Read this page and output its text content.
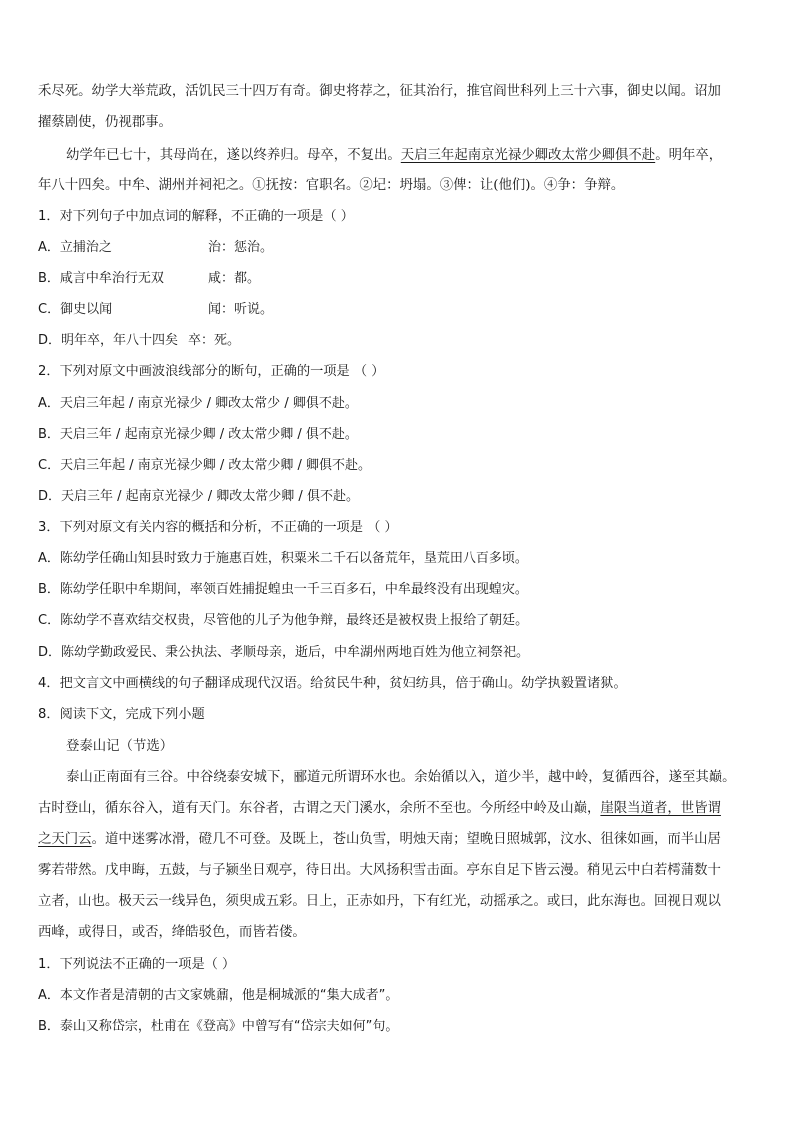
禾尽死。幼学大举荒政，活饥民三十四万有奇。御史将荐之，征其治行，推官阎世科列上三十六事，御史以闻。诏加
擢蔡剧使，仍视郡事。
幼学年已七十，其母尚在，遂以终养归。母卒，不复出。天启三年起南京光禄少卿改太常少卿俱不赴。明年卒，
年八十四矣。中牟、湖州并祠祀之。①抚按：官职名。②圮：坍塌。③俾：让(他们)。④争：争辩。
1．对下列句子中加点词的解释，不正确的一项是（ ）
A．立捕治之	治：惩治。
B．咸言中牟治行无双	咸：都。
C．御史以闻	闻：听说。
D．明年卒，年八十四矣 卒：死。
2．下列对原文中画波浪线部分的断句，正确的一项是 （ ）
A．天启三年起 / 南京光禄少 / 卿改太常少 / 卿俱不赴。
B．天启三年 / 起南京光禄少卿 / 改太常少卿 / 俱不赴。
C．天启三年起 / 南京光禄少卿 / 改太常少卿 / 卿俱不赴。
D．天启三年 / 起南京光禄少 / 卿改太常少卿 / 俱不赴。
3．下列对原文有关内容的概括和分析，不正确的一项是 （ ）
A．陈幼学任确山知县时致力于施惠百姓，积粟米二千石以备荒年，垦荒田八百多顷。
B．陈幼学任职中牟期间，率领百姓捕捉蝗虫一千三百多石，中牟最终没有出现蝗灾。
C．陈幼学不喜欢结交权贵，尽管他的儿子为他争辩，最终还是被权贵上报给了朝廷。
D．陈幼学勤政爱民、秉公执法、孝顺母亲，逝后，中牟湖州两地百姓为他立祠祭祀。
4．把文言文中画横线的句子翻译成现代汉语。给贫民牛种，贫妇纺具，倍于确山。幼学执毅置诸狱。
8．阅读下文，完成下列小题
登泰山记（节选）
泰山正南面有三谷。中谷绕泰安城下，郦道元所谓环水也。余始循以入，道少半，越中岭，复循西谷，遂至其巅。
古时登山，循东谷入，道有天门。东谷者，古谓之天门溪水，余所不至也。今所经中岭及山巅，崖限当道者，世皆谓
之天门云。道中迷雾冰滑，磴几不可登。及既上，苍山负雪，明烛天南；望晚日照城郭，汶水、徂徕如画，而半山居
雾若带然。戊申晦，五鼓，与子颍坐日观亭，待日出。大风扬积雪击面。亭东自足下皆云漫。稍见云中白若樗蒲数十
立者，山也。极天云一线异色，须臾成五彩。日上，正赤如丹，下有红光，动摇承之。或曰，此东海也。回视日观以
西峰，或得日，或否，绛皓驳色，而皆若偻。
1．下列说法不正确的一项是（ ）
A．本文作者是清朝的古文家姚鼐，他是桐城派的“集大成者”。
B．泰山又称岱宗，杜甫在《登高》中曾写有“岱宗夫如何”句。
